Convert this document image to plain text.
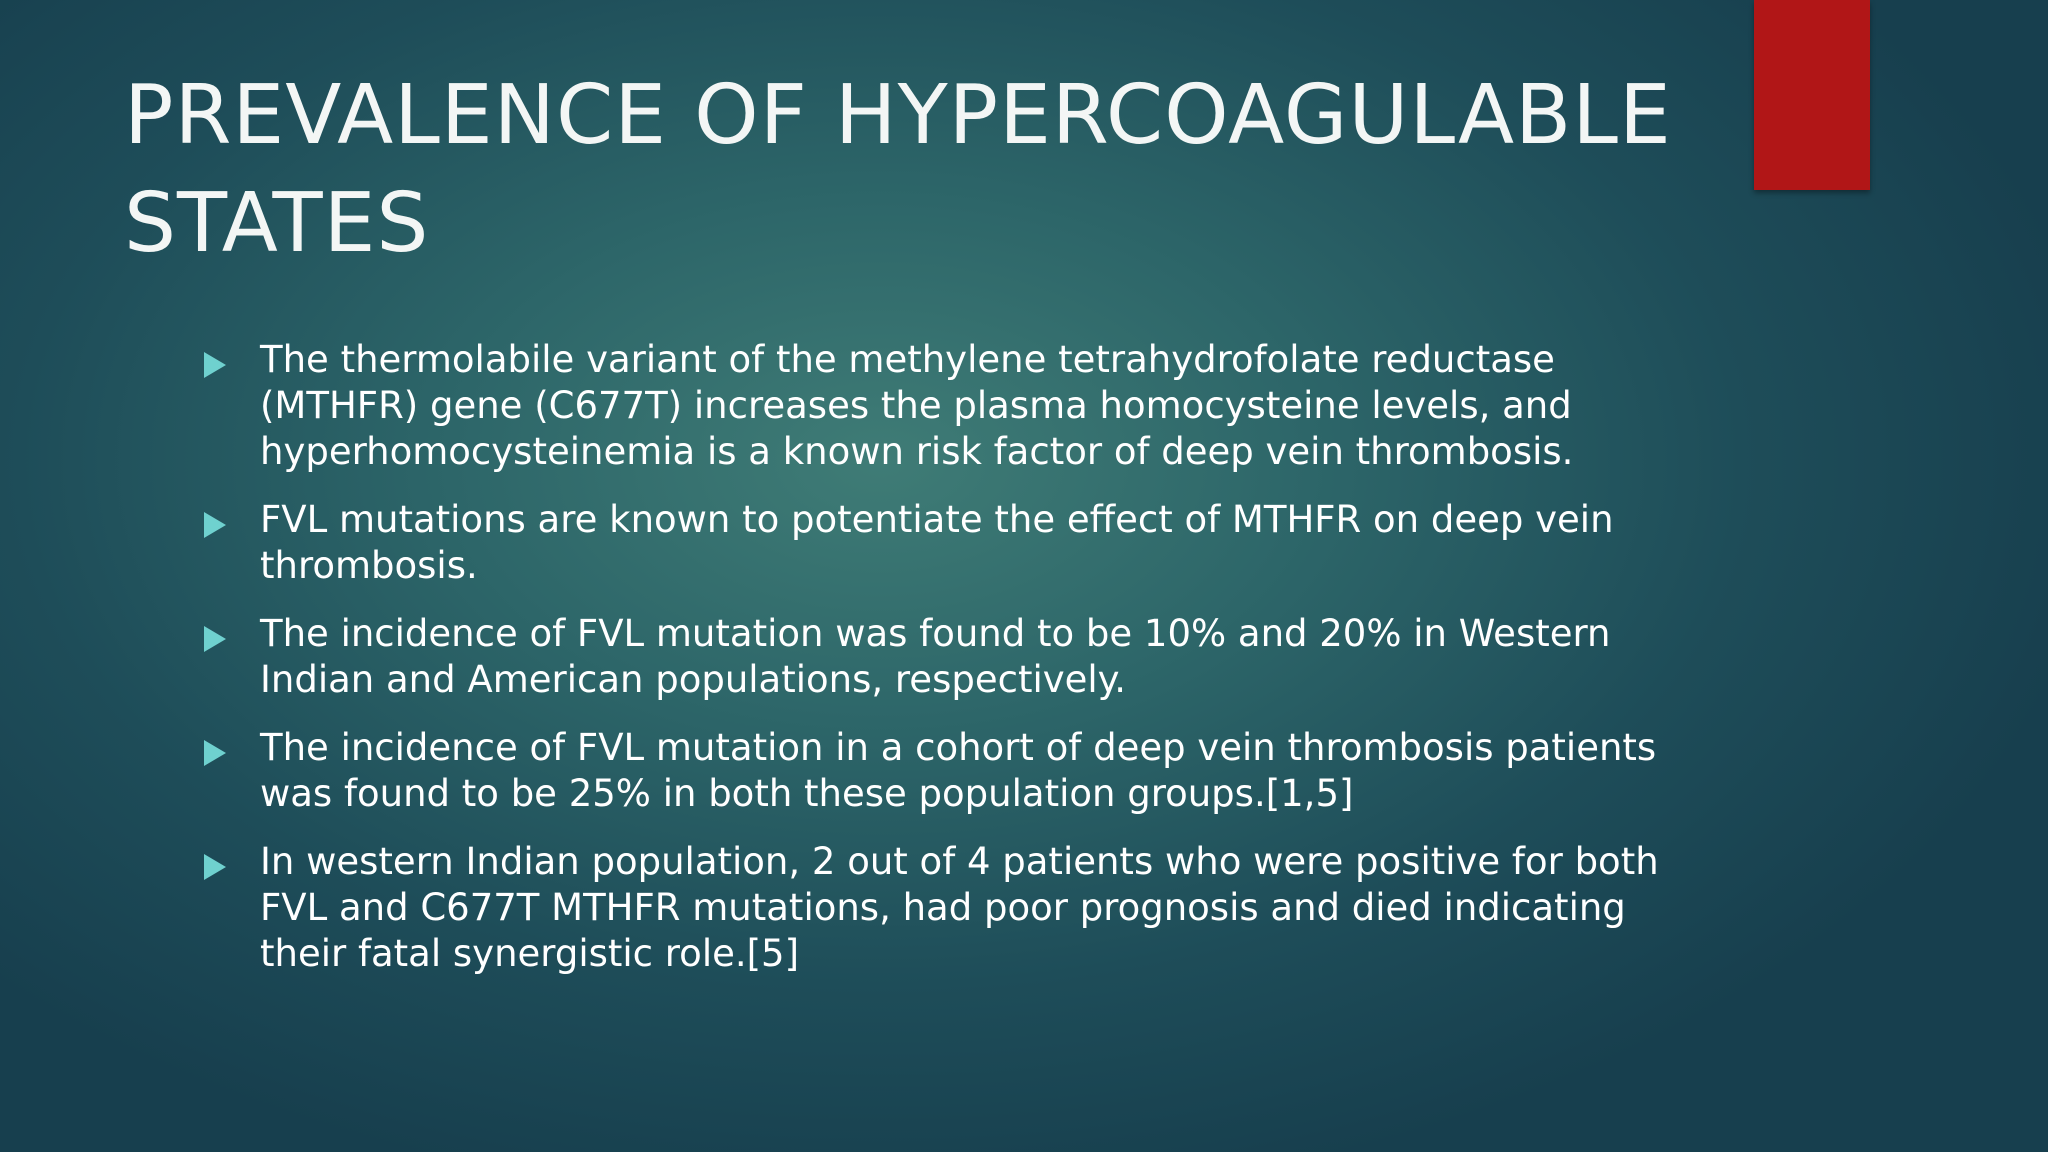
PREVALENCE OF HYPERCOAGULABLE
STATES
The thermolabile variant of the methylene tetrahydrofolate reductase (MTHFR) gene (C677T) increases the plasma homocysteine levels, and hyperhomocysteinemia is a known risk factor of deep vein thrombosis.
FVL mutations are known to potentiate the effect of MTHFR on deep vein thrombosis.
The incidence of FVL mutation was found to be 10% and 20% in Western Indian and American populations, respectively.
The incidence of FVL mutation in a cohort of deep vein thrombosis patients was found to be 25% in both these population groups.[1,5]
In western Indian population, 2 out of 4 patients who were positive for both FVL and C677T MTHFR mutations, had poor prognosis and died indicating their fatal synergistic role.[5]
